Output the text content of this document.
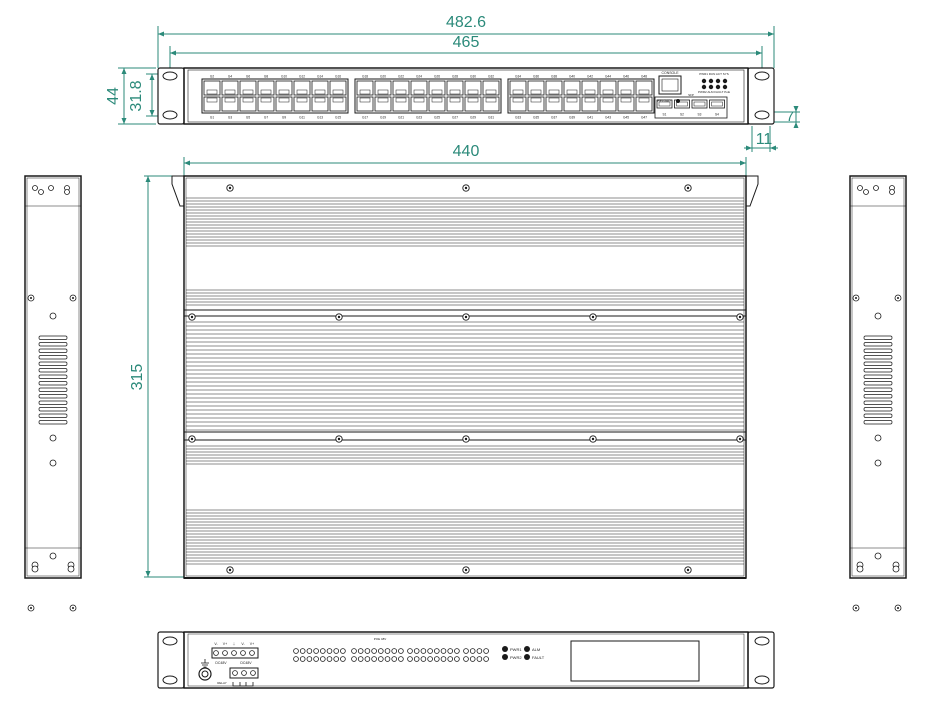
482.6
465
44 31.8
11
7
440
315
G2
G1
G4
G3
G6
G5
G8
G7
G10
G9
G12
G11
G14
G13
G16
G15
G18
G17
G20
G19
G22
G21
G24
G23
G26
G25
G28
G27
G30
G29
G32
G31
G34
G33
G36
G35
G38
G37
G40
G39
G42
G41
G44
G43
G46
G45
G48
G47
S1	S2	S3	S4
CONSOLE
RELOAD
PWR1 RUN ACT SYS
PWR2 ALM FAULT PoE
SFP
V- V+ ⏚ V- V+
DC48V	DC48V
RELAY
POE 48V
PWR1
PWR2
ALM
FAULT
